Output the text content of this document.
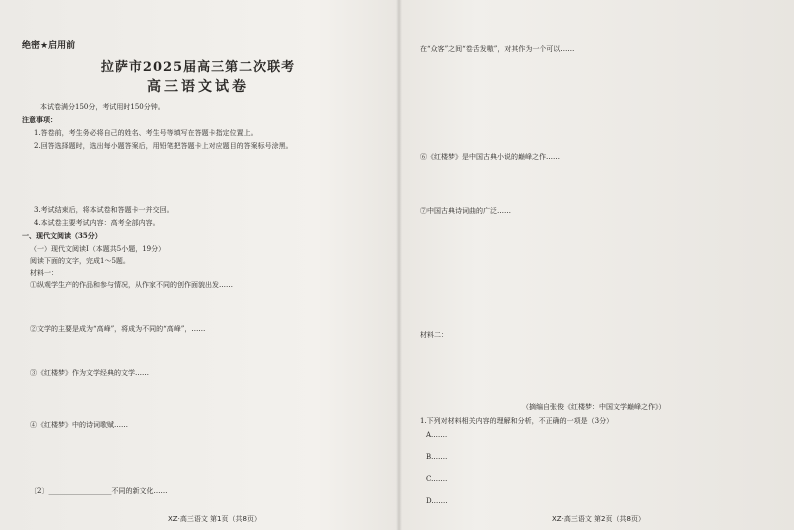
绝密★启用前
拉萨市2025届高三第二次联考
高三语文试卷
本试卷满分150分，考试用时150分钟。
注意事项：
1.答卷前，考生务必将自己的姓名、考生号等填写在答题卡指定位置上。
2.回答选择题时，选出每小题答案后，用铅笔把答题卡上对应题目的答案标号涂黑。
3.考试结束后，将本试卷和答题卡一并交回。
4.本试卷主要考试内容：高考全部内容。
一、现代文阅读（35分）
（一）现代文阅读Ⅰ（本题共5小题，19分）
阅读下面的文字，完成1～5题。
材料一：
①纵观学生产的作品和参与情况，从作家不同的创作面貌出发……
②文学的主要是成为“高峰”，将成为不同的“高峰”，……
③《红楼梦》作为文学经典的文学……
④《红楼梦》中的诗词歌赋……
〔2〕__________________不同的新文化……
XZ·高三语文 第1页（共8页）
在“众客”之间“卷舌发嗷”，对其作为一个可以……
⑥《红楼梦》是中国古典小说的巅峰之作……
⑦中国古典诗词曲的广泛……
材料二：
（摘编自张俊《红楼梦：中国文学巅峰之作》）
1.下列对材料相关内容的理解和分析，不正确的一项是（3分）
A.……
B.……
C.……
D.……
XZ·高三语文 第2页（共8页）
